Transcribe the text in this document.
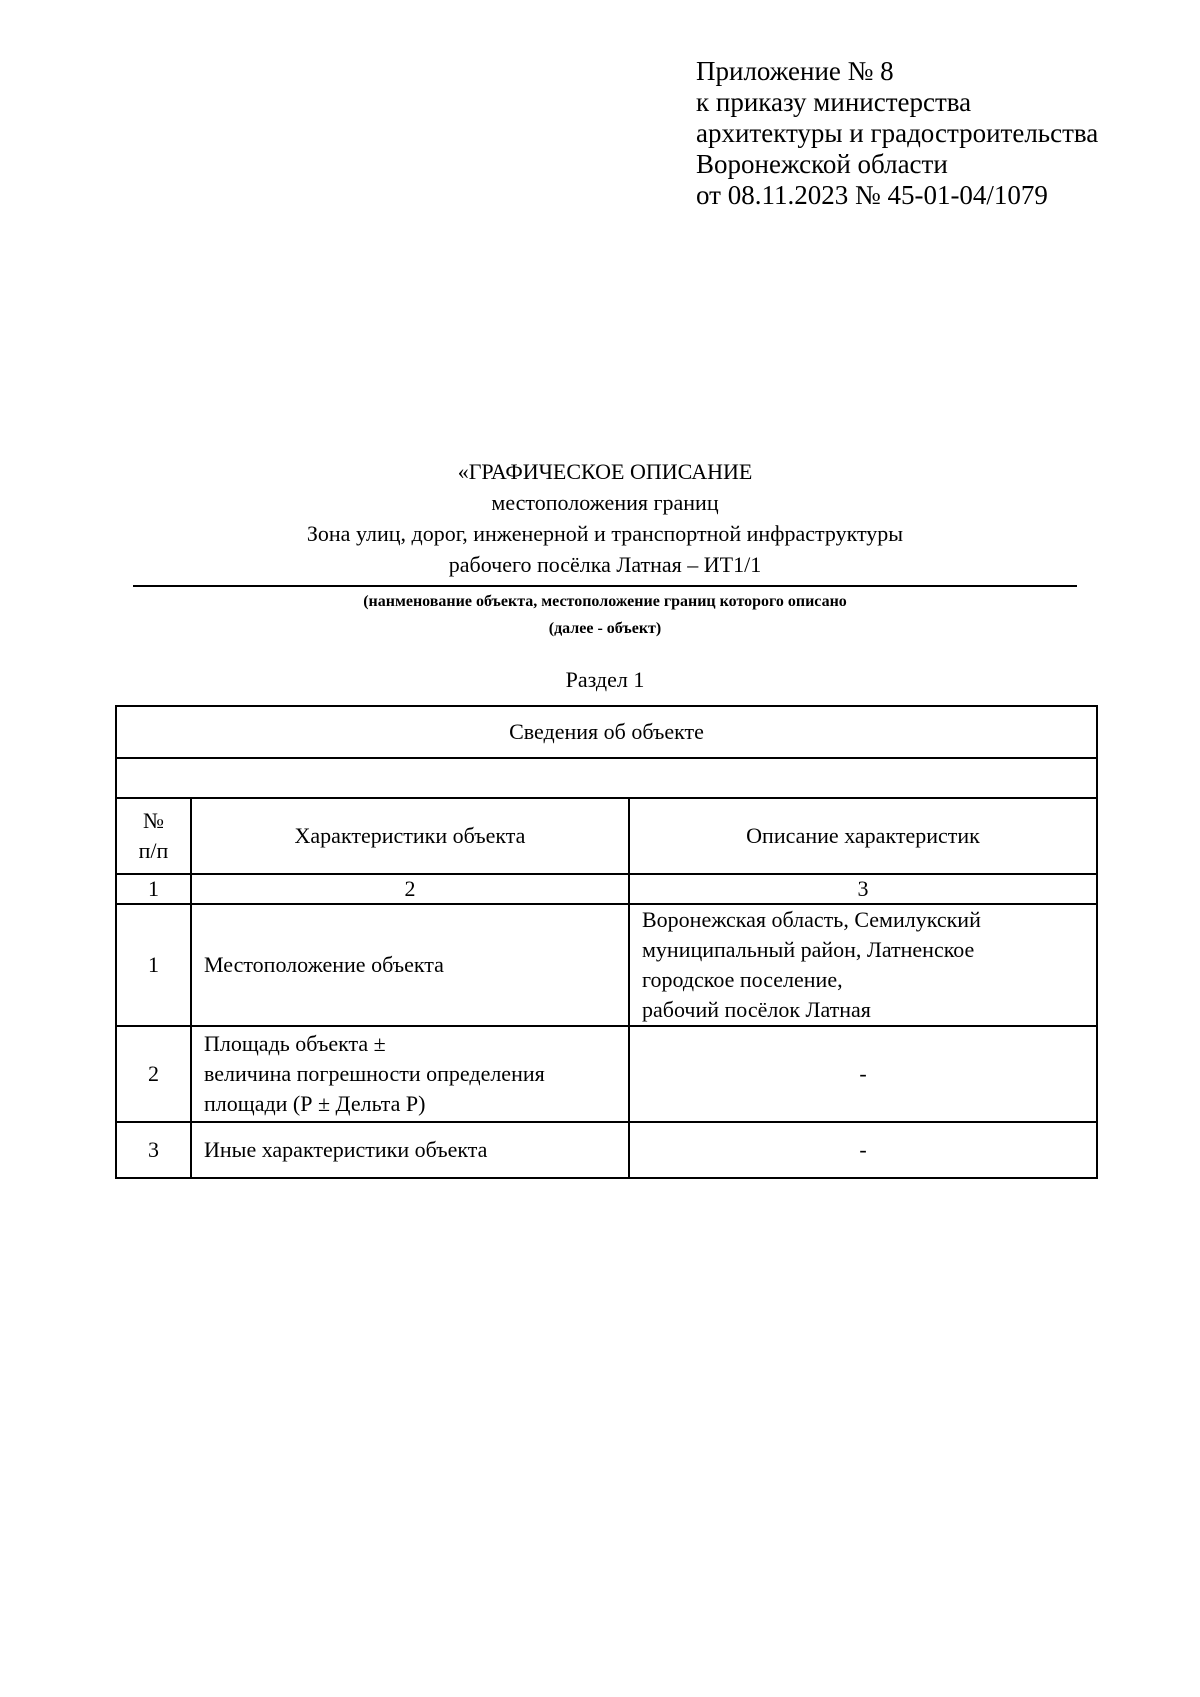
Приложение № 8
к приказу министерства
архитектуры и градостроительства
Воронежской области
от 08.11.2023 № 45-01-04/1079
«ГРАФИЧЕСКОЕ ОПИСАНИЕ
местоположения границ
Зона улиц, дорог, инженерной и транспортной инфраструктуры
рабочего посёлка Латная – ИТ1/1
(нанменование объекта, местоположение границ которого описано
(далее - объект)
Раздел 1
Сведения об объекте		

№
п/п	Характеристики объекта	Описание характеристик
1	2	3
1	Местоположение объекта	Воронежская область, Семилукский
муниципальный район, Латненское
городское поселение,
рабочий посёлок Латная

2	Площадь объекта ±
величина погрешности определения
площади (Р ± Дельта Р)	-

3	Иные характеристики объекта	-
